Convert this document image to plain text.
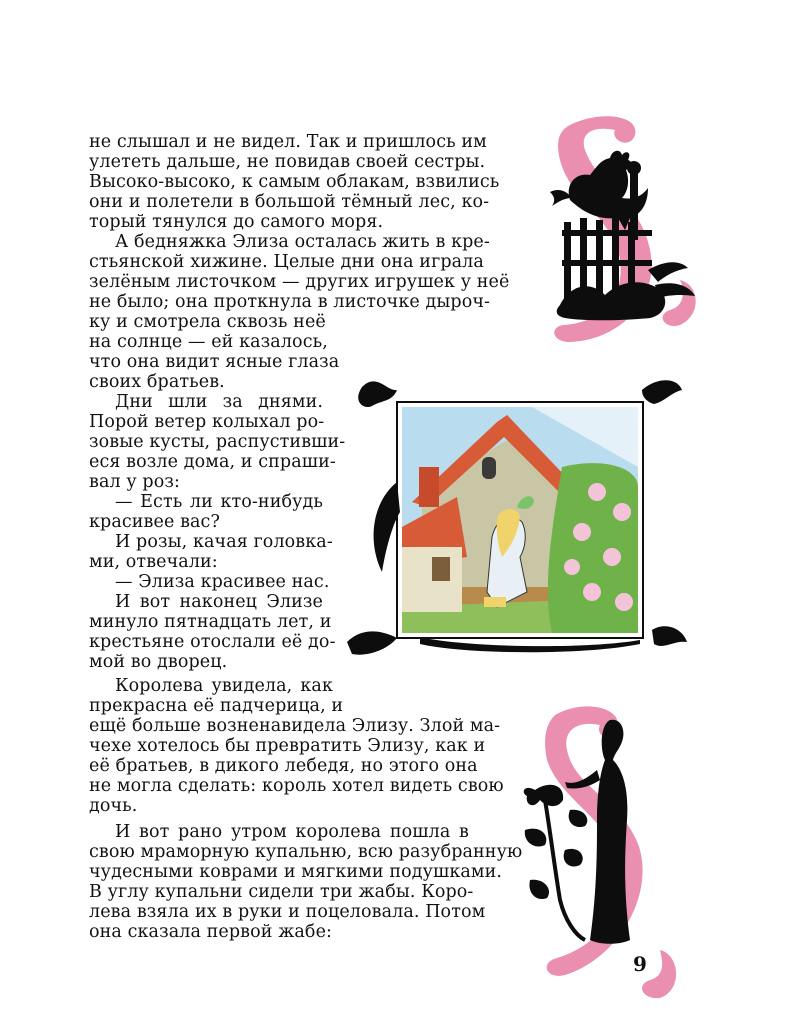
не слышал и не видел. Так и пришлось им
улететь дальше, не повидав своей сестры.
Высоко-высоко, к самым облакам, взвились
они и полетели в большой тёмный лес, ко-
торый тянулся до самого моря.
А бедняжка Элиза осталась жить в кре-
стьянской хижине. Целые дни она играла
зелёным листочком — других игрушек у неё
не было; она проткнула в листочке дырoч-
ку и смотрела сквозь неё
на солнце — ей казалось,
что она видит ясные глаза
своих братьев.
Дни шли за днями.
Порой ветер колыхал ро-
зовые кусты, распустивши-
еся возле дома, и спраши-
вал у роз:
— Есть ли кто-нибудь
красивее вас?
И розы, качая головка-
ми, отвечали:
— Элиза красивее нас.
И вот наконец Элизе
минуло пятнадцать лет, и
крестьяне отослали её до-
мой во дворец.
Королева увидела, как
прекрасна её падчерица, и
ещё больше возненавидела Элизу. Злой ма-
чехе хотелось бы превратить Элизу, как и
её братьев, в дикого лебедя, но этого она
не могла сделать: король хотел видеть свою
дочь.
И вот рано утром королева пошла в
свою мраморную купальню, всю разубранную
чудесными коврами и мягкими подушками.
В углу купальни сидели три жабы. Коро-
лева взяла их в руки и поцеловала. Потом
она сказала первой жабе:
9
